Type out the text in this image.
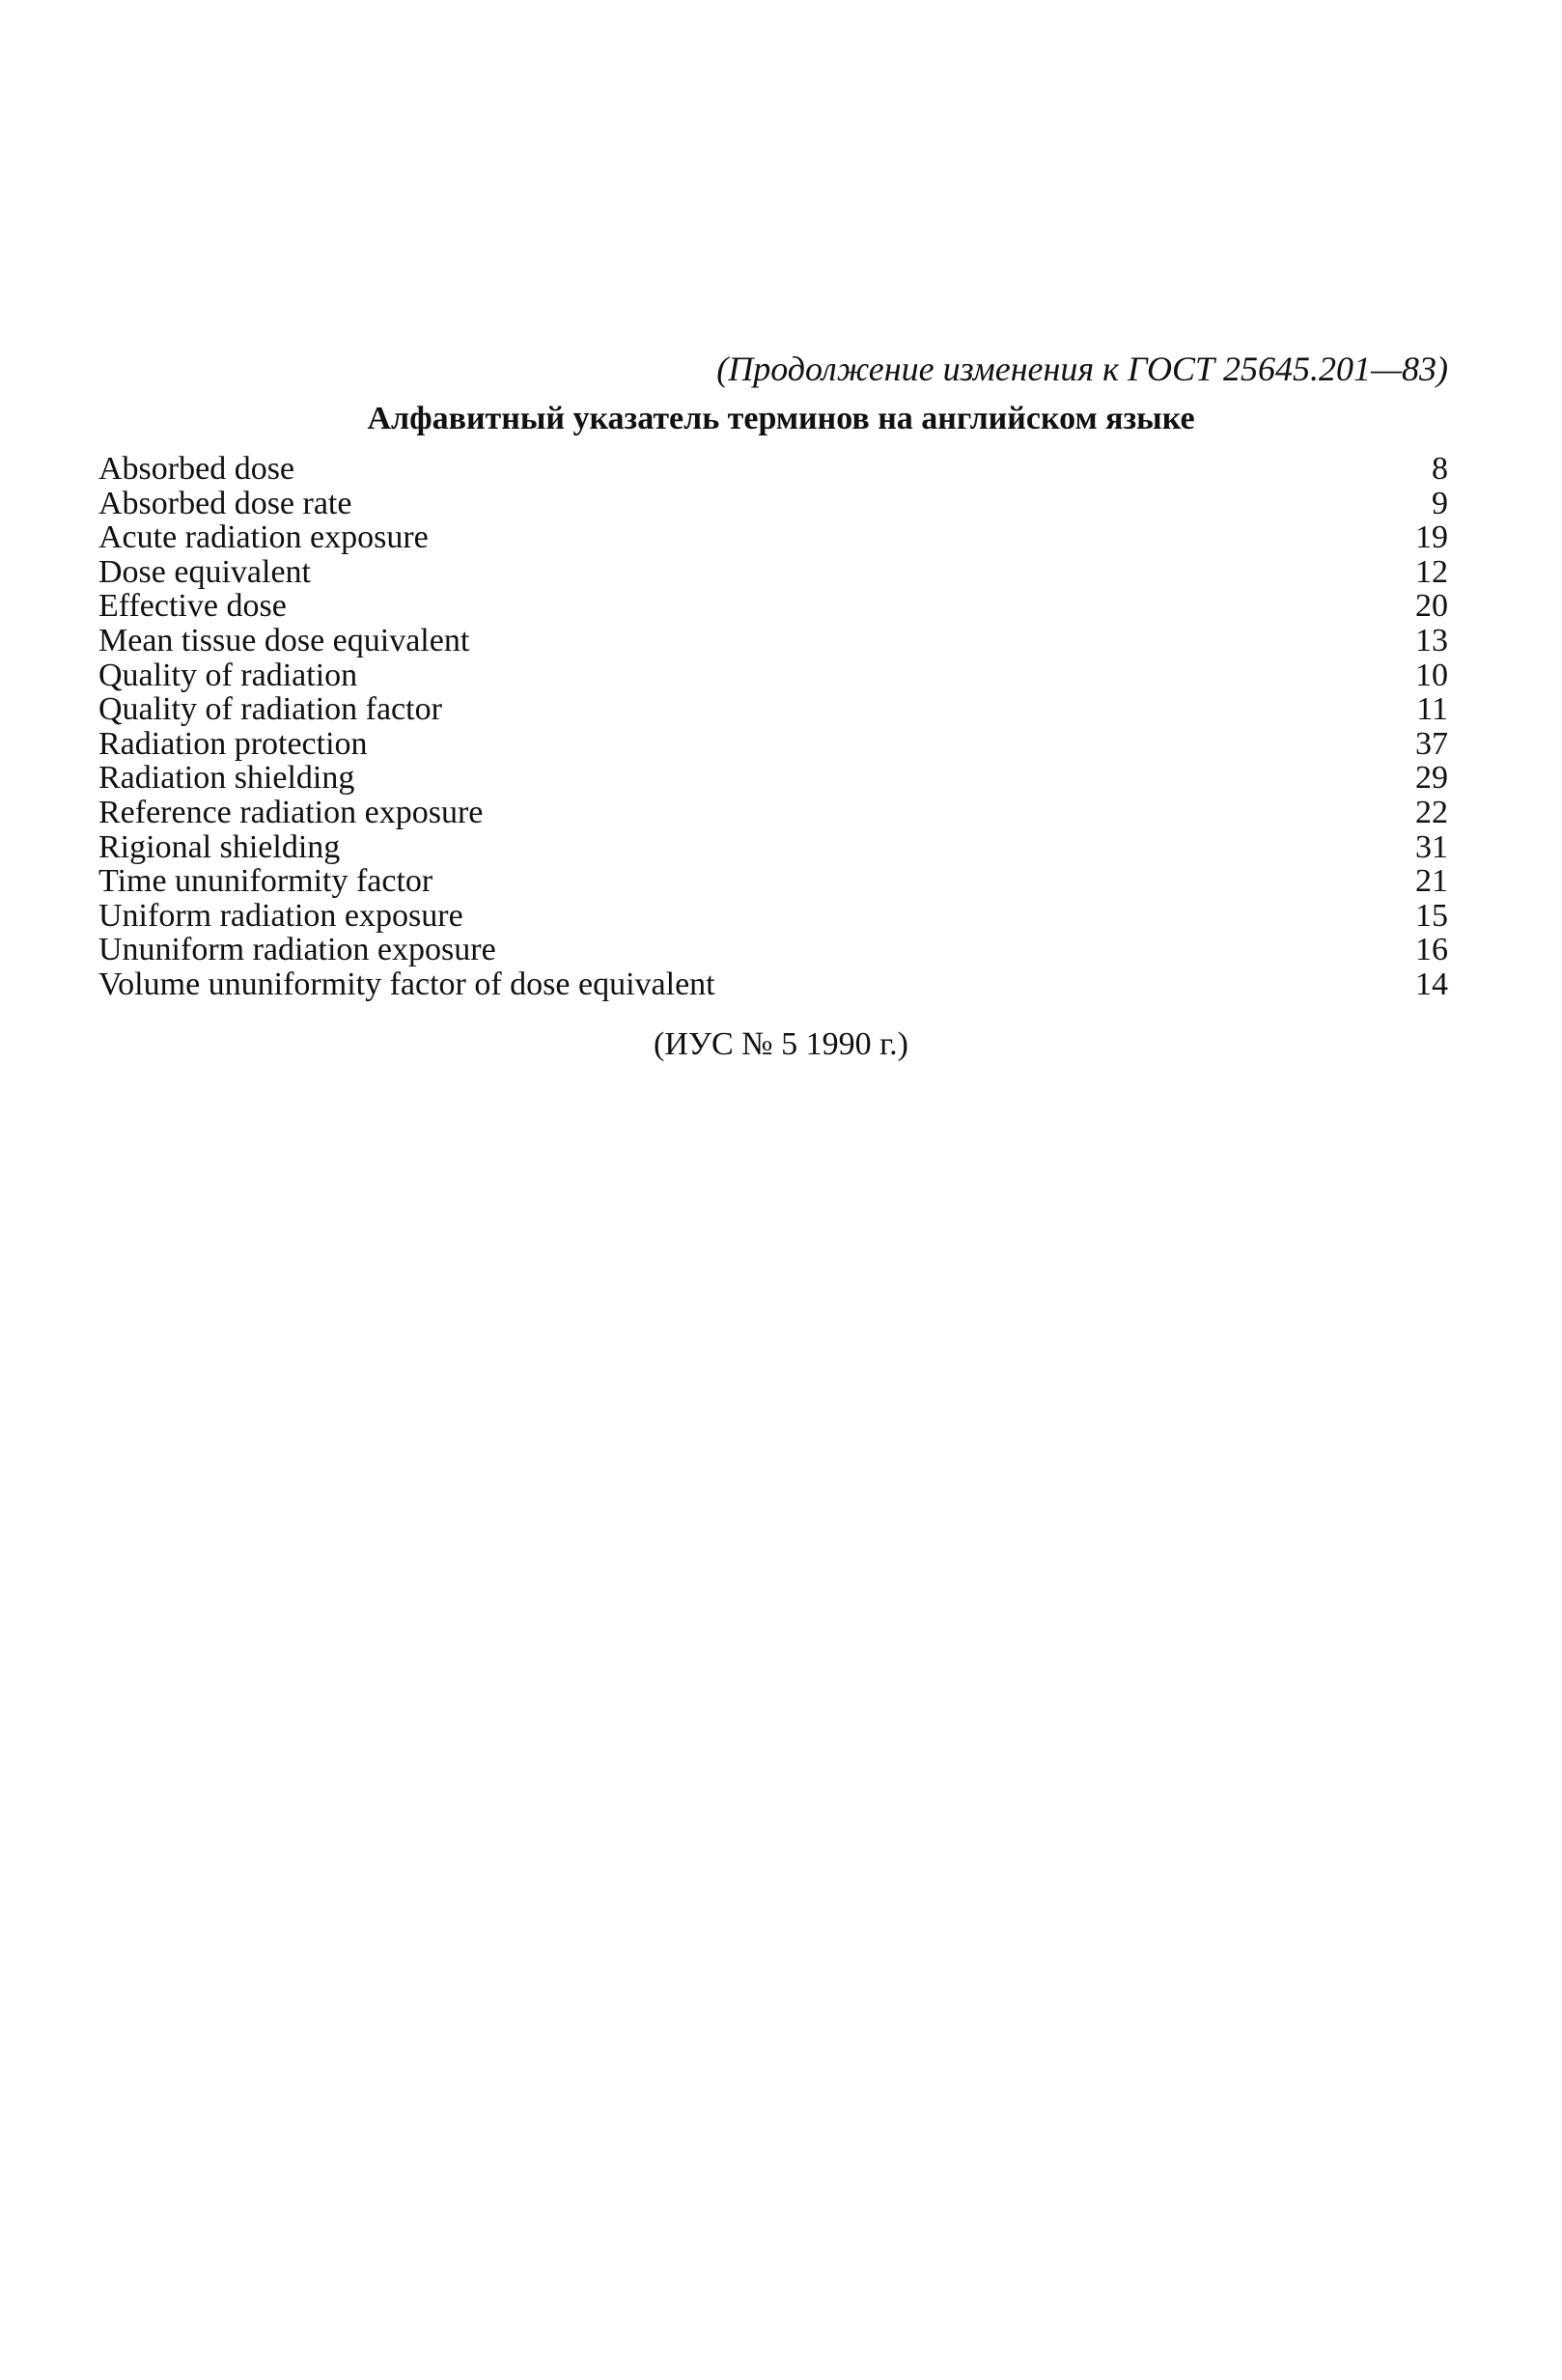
(Продолжение изменения к ГОСТ 25645.201—83)
Алфавитный указатель терминов на английском языке
Absorbed dose	8
Absorbed dose rate	9
Acute radiation exposure	19
Dose equivalent	12
Effective dose	20
Mean tissue dose equivalent	13
Quality of radiation	10
Quality of radiation factor	11
Radiation protection	37
Radiation shielding	29
Reference radiation exposure	22
Rigional shielding	31
Time ununiformity factor	21
Uniform radiation exposure	15
Ununiform radiation exposure	16
Volume ununiformity factor of dose equivalent	14
(ИУС № 5 1990 г.)
